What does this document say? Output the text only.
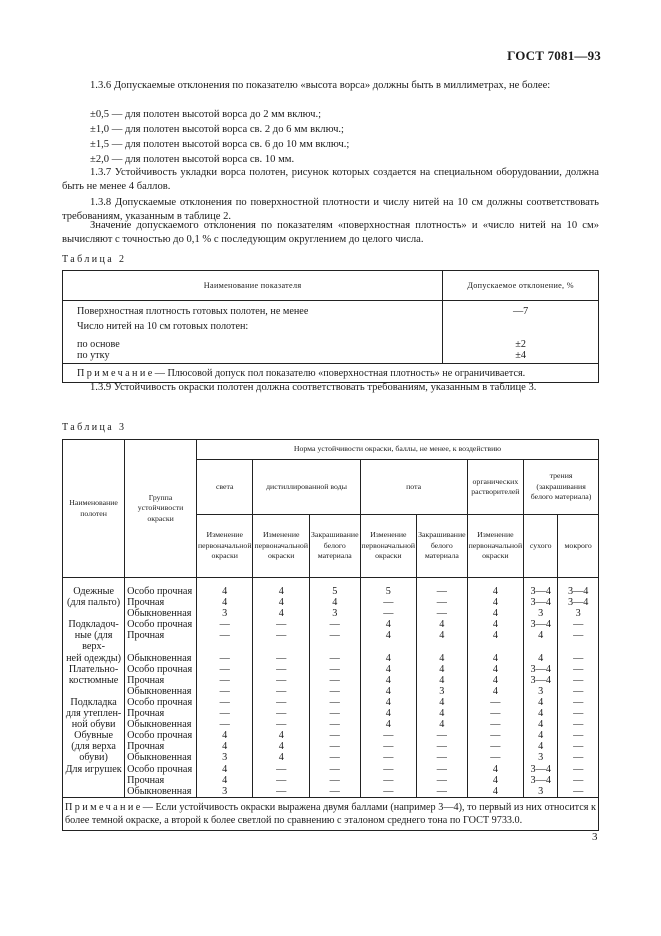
ГОСТ 7081—93
1.3.6 Допускаемые отклонения по показателю «высота ворса» должны быть в миллиметрах, не более:
±0,5 — для полотен высотой ворса до 2 мм включ.;
±1,0 — для полотен высотой ворса св. 2 до 6 мм включ.;
±1,5 — для полотен высотой ворса св. 6 до 10 мм включ.;
±2,0 — для полотен высотой ворса св. 10 мм.
1.3.7 Устойчивость укладки ворса полотен, рисунок которых создается на специальном оборудовании, должна быть не менее 4 баллов.
1.3.8 Допускаемые отклонения по поверхностной плотности и числу нитей на 10 см должны соответствовать требованиям, указанным в таблице 2.
Значение допускаемого отклонения по показателям «поверхностная плотность» и «число нитей на 10 см» вычисляют с точностью до 0,1 % с последующим округлением до целого числа.
Таблица 2
Наименование показателя	Допускаемое отклонение, %
Поверхностная плотность готовых полотен, не менее	—7
Число нитей на 10 см готовых полотен:	
по основе	±2
по утку	±4
Примечание— Плюсовой допуск пол показателю «поверхностная плотность» не ограничивается.	
1.3.9 Устойчивость окраски полотен должна соответствовать требованиям, указанным в таблице 3.
Таблица 3
Наименование полотен	Группа устойчивости окраски	Норма устойчивости окраски, баллы, не менее, к воздействию							
		света	дистиллированной воды		пота		органических растворителей	трения (закрашивания белого материала)	
		Изменение первоначальной окраски	Изменение первоначальной окраски	Закрашивание белого материала	Изменение первоначальной окраски	Закрашивание белого материала	Изменение первоначальной окраски	сухого	мокрого
Одежные	Особо прочная	4	4	5	5	—	4	3—4	3—4
(для пальто)	Прочная	4	4	4	—	—	4	3—4	3—4
	Обыкновенная	3	4	3	—	—	4	3	3
Подкладоч-	Особо прочная	—	—	—	4	4	4	3—4	—
ные (для верх-	Прочная	—	—	—	4	4	4	4	—
ней одежды)	Обыкновенная	—	—	—	4	4	4	4	—
Плательно-	Особо прочная	—	—	—	4	4	4	3—4	—
костюмные	Прочная	—	—	—	4	4	4	3—4	—
	Обыкновенная	—	—	—	4	3	4	3	—
Подкладка	Особо прочная	—	—	—	4	4	—	4	—
для утеплен-	Прочная	—	—	—	4	4	—	4	—
ной обуви	Обыкновенная	—	—	—	4	4	—	4	—
Обувные	Особо прочная	4	4	—	—	—	—	4	—
(для верха	Прочная	4	4	—	—	—	—	4	—
обуви)	Обыкновенная	3	4	—	—	—	—	3	—
Для игрушек	Особо прочная	4	—	—	—	—	4	3—4	—
	Прочная	4	—	—	—	—	4	3—4	—
	Обыкновенная	3	—	—	—	—	4	3	—
Примечание— Если устойчивость окраски выражена двумя баллами (например 3—4), то первый из них относится к более темной окраске, а второй к более светлой по сравнению с эталоном среднего тона по ГОСТ 9733.0.									
3
